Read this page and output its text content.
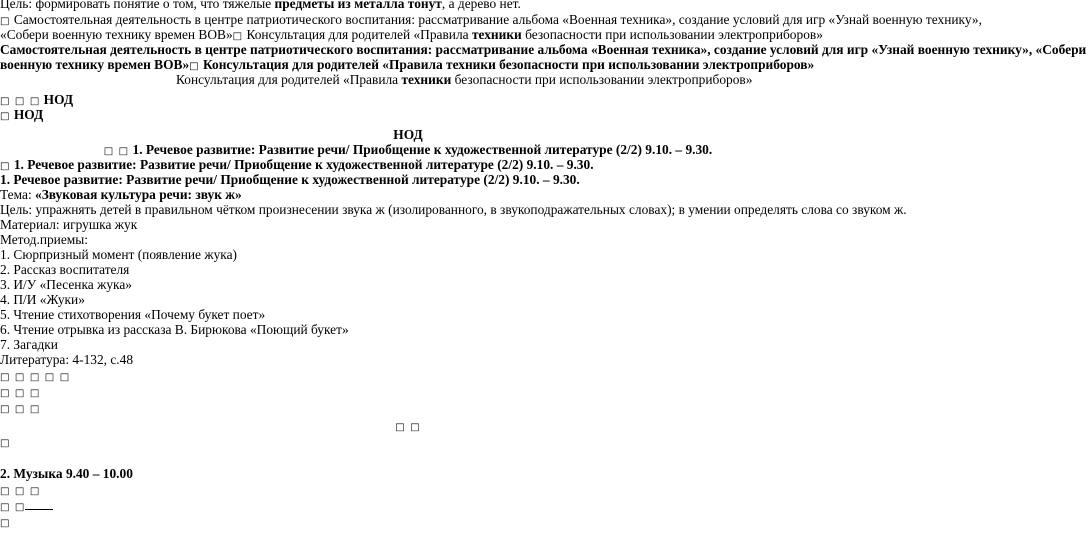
Цель: формировать понятие о том, что тяжелые предметы из металла тонут, а дерево нет.
□ Самостоятельная деятельность в центре патриотического воспитания: рассматривание альбома «Военная техника», создание условий для игр «Узнай военную технику»,
«Собери военную технику времен ВОВ»□ Консультация для родителей «Правила техники безопасности при использовании электроприборов»
Самостоятельная деятельность в центре патриотического воспитания: рассматривание альбома «Военная техника», создание условий для игр «Узнай военную технику», «Собери
военную технику времен ВОВ»□ Консультация для родителей «Правила техники безопасности при использовании электроприборов»
Консультация для родителей «Правила техники безопасности при использовании электроприборов»
□ □ □ НОД
□ НОД
НОД
□ □ 1. Речевое развитие: Развитие речи/ Приобщение к художественной литературе (2/2) 9.10. – 9.30.
□ 1. Речевое развитие: Развитие речи/ Приобщение к художественной литературе (2/2) 9.10. – 9.30.
1. Речевое развитие: Развитие речи/ Приобщение к художественной литературе (2/2) 9.10. – 9.30.
Тема: «Звуковая культура речи: звук ж»
Цель: упражнять детей в правильном чётком произнесении звука ж (изолированного, в звукоподражательных словах); в умении определять слова со звуком ж.
Материал: игрушка жук
Метод.приемы:
1. Сюрпризный момент (появление жука)
2. Рассказ воспитателя
3. И/У «Песенка жука»
4. П/И «Жуки»
5. Чтение стихотворения «Почему букет поет»
6. Чтение отрывка из рассказа В. Бирюкова «Поющий букет»
7. Загадки
Литература: 4-132, с.48
□ □ □ □ □
□ □ □
□ □ □
□ □
□
2. Музыка 9.40 – 10.00
□ □ □
□ □
□
